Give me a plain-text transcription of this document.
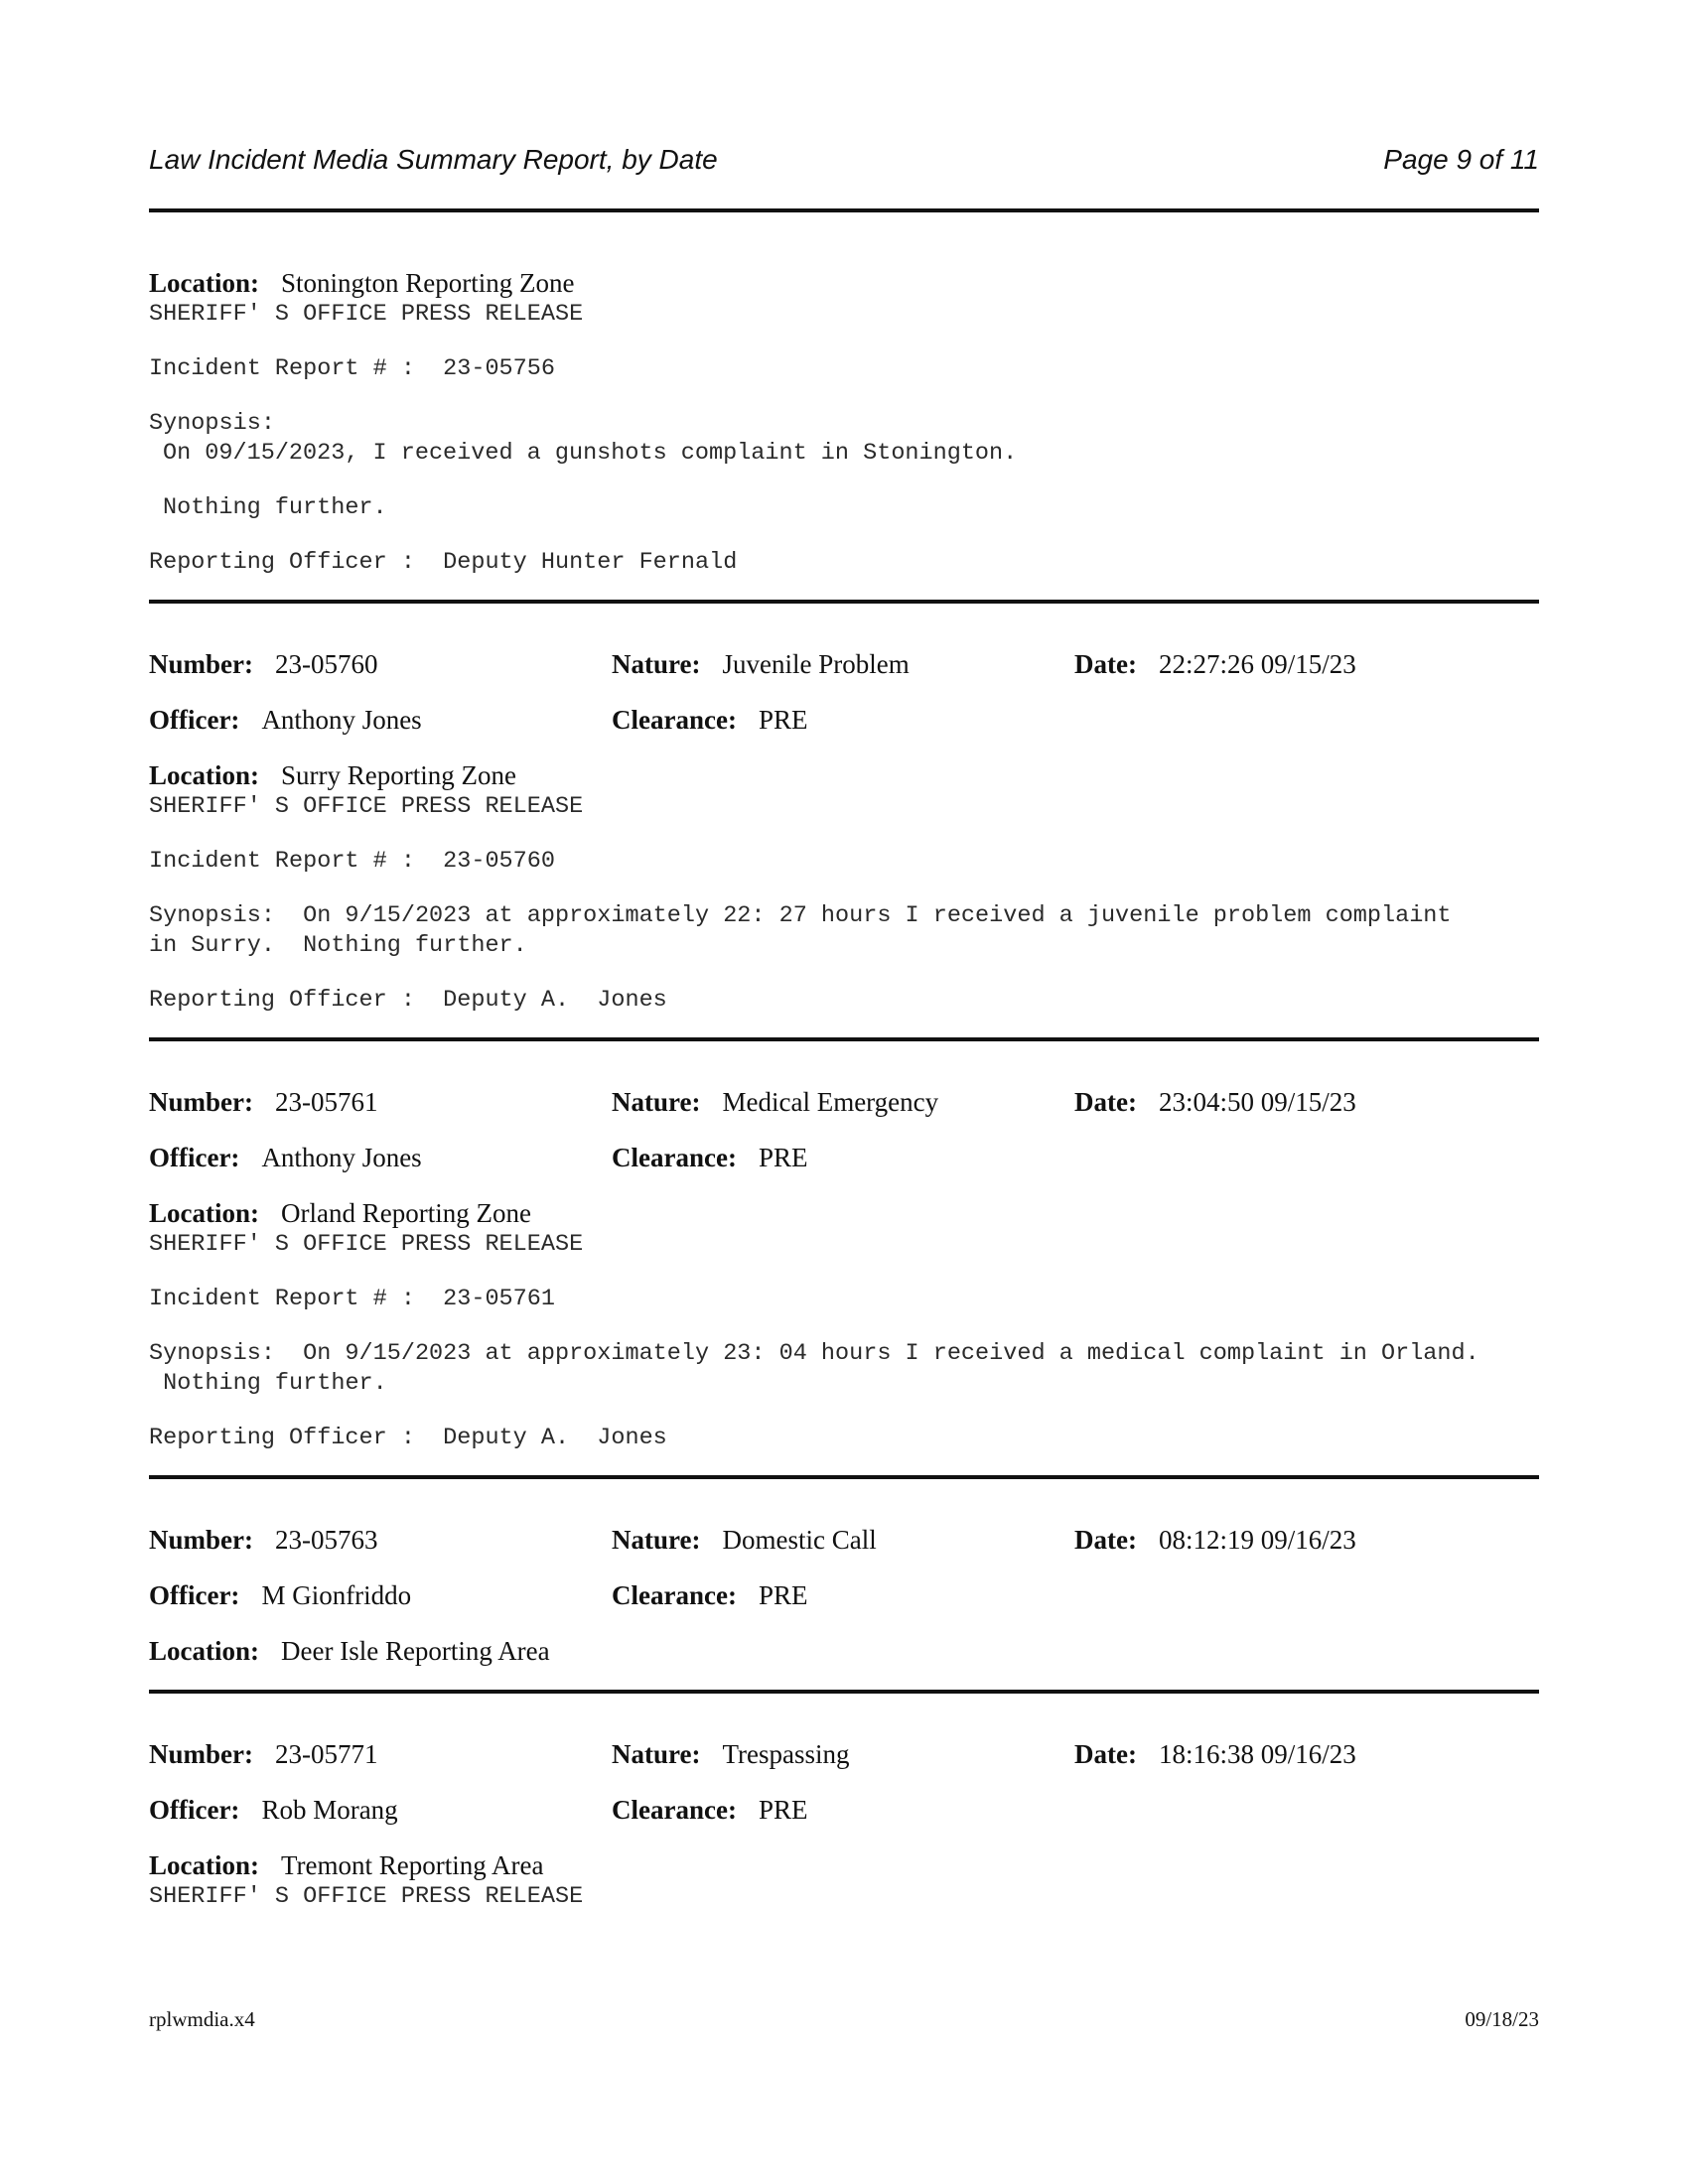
Law Incident Media Summary Report, by Date	Page 9 of 11
Location: Stonington Reporting Zone
SHERIFF' S OFFICE PRESS RELEASE
Incident Report # :  23-05756
Synopsis:
On 09/15/2023, I received a gunshots complaint in Stonington.
Nothing further.
Reporting Officer :  Deputy Hunter Fernald
Number: 23-05760	Nature: Juvenile Problem	Date: 22:27:26 09/15/23
Officer: Anthony Jones	Clearance: PRE
Location: Surry Reporting Zone
SHERIFF' S OFFICE PRESS RELEASE
Incident Report # :  23-05760
Synopsis:  On 9/15/2023 at approximately 22: 27 hours I received a juvenile problem complaint
in Surry.  Nothing further.
Reporting Officer :  Deputy A.  Jones
Number: 23-05761	Nature: Medical Emergency	Date: 23:04:50 09/15/23
Officer: Anthony Jones	Clearance: PRE
Location: Orland Reporting Zone
SHERIFF' S OFFICE PRESS RELEASE
Incident Report # :  23-05761
Synopsis:  On 9/15/2023 at approximately 23: 04 hours I received a medical complaint in Orland.
Nothing further.
Reporting Officer :  Deputy A.  Jones
Number: 23-05763	Nature: Domestic Call	Date: 08:12:19 09/16/23
Officer: M Gionfriddo	Clearance: PRE
Location: Deer Isle Reporting Area
Number: 23-05771	Nature: Trespassing	Date: 18:16:38 09/16/23
Officer: Rob Morang	Clearance: PRE
Location: Tremont Reporting Area
SHERIFF' S OFFICE PRESS RELEASE
rplwmdia.x4	09/18/23
